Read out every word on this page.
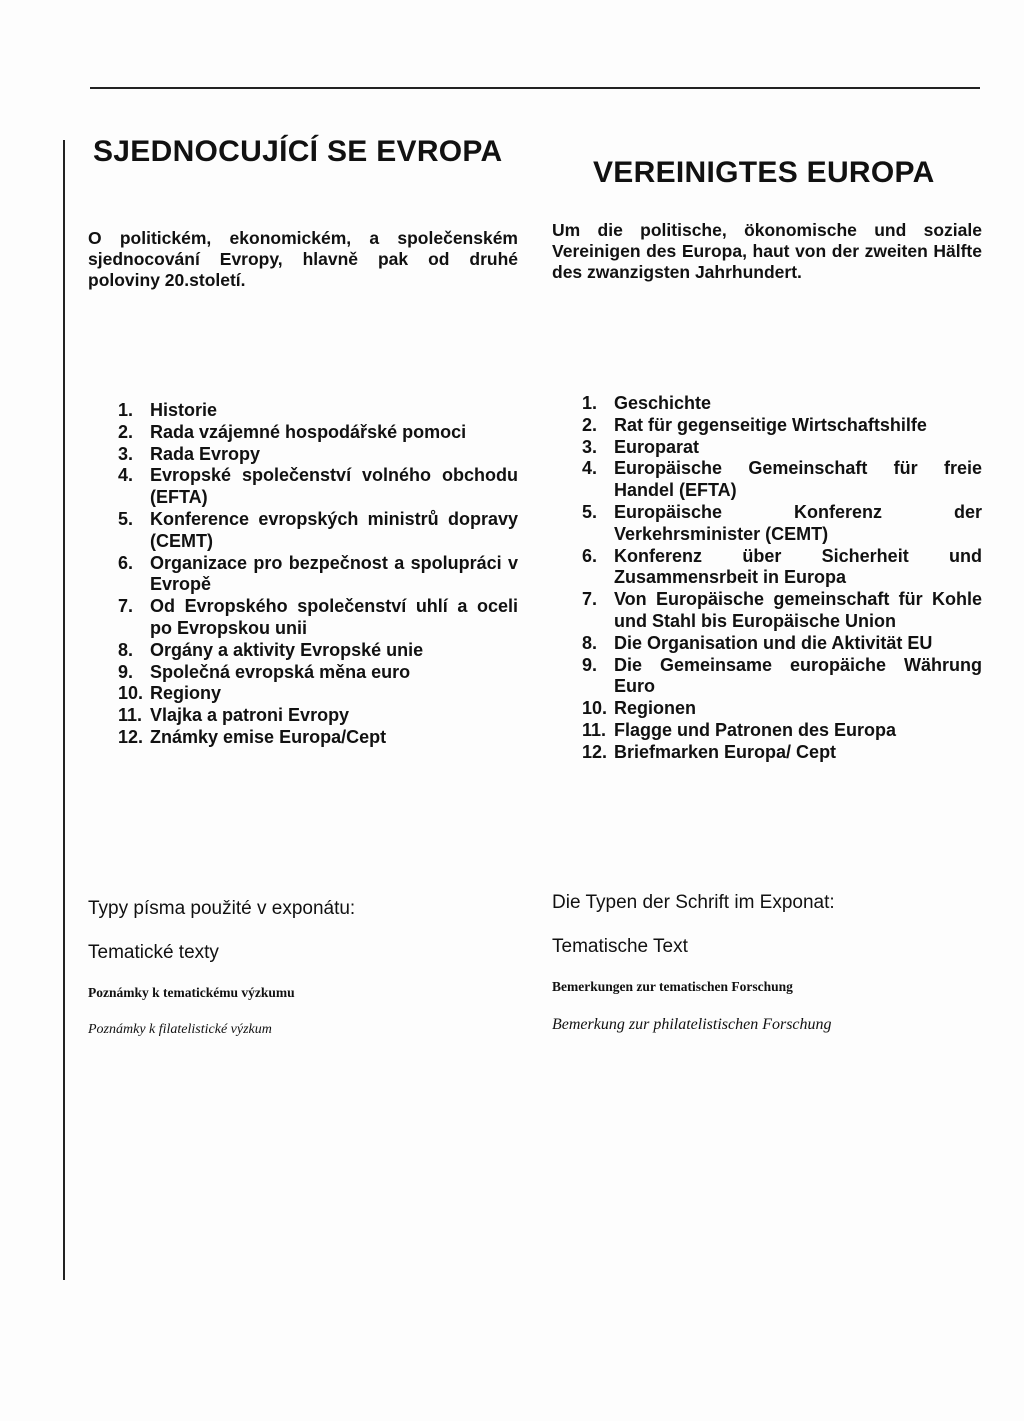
SJEDNOCUJÍCÍ SE EVROPA
VEREINIGTES EUROPA

O politickém, ekonomickém, a společenském sjednocování Evropy, hlavně pak od druhé poloviny 20.století.

Um die politische, ökonomische und soziale Vereinigen des Europa, haut von der zweiten Hälfte des zwanzigsten Jahrhundert.

1. Historie
2. Rada vzájemné hospodářské pomoci
3. Rada Evropy
4. Evropské společenství volného obchodu (EFTA)
5. Konference evropských ministrů dopravy (CEMT)
6. Organizace pro bezpečnost a spolupráci v Evropě
7. Od Evropského společenství uhlí a oceli po Evropskou unii
8. Orgány a aktivity Evropské unie
9. Společná evropská měna euro
10. Regiony
11. Vlajka a patroni Evropy
12. Známky emise Europa/Cept
1. Geschichte
2. Rat für gegenseitige Wirtschaftshilfe
3. Europarat
4. Europäische Gemeinschaft für freie Handel (EFTA)
5. Europäische Konferenz der Verkehrsminister (CEMT)
6. Konferenz über Sicherheit und Zusammensrbeit in Europa
7. Von Europäische gemeinschaft für Kohle und Stahl bis Europäische Union
8. Die Organisation und die Aktivität EU
9. Die Gemeinsame europäiche Währung Euro
10. Regionen
11. Flagge und Patronen des Europa
12. Briefmarken Europa/ Cept

Typy písma použité v exponátu:

Tematické texty

Poznámky k tematickému výzkumu

Poznámky k filatelistické výzkum

Die Typen der Schrift im Exponat:

Tematische Text

Bemerkungen zur tematischen Forschung

Bemerkung zur philatelistischen Forschung
